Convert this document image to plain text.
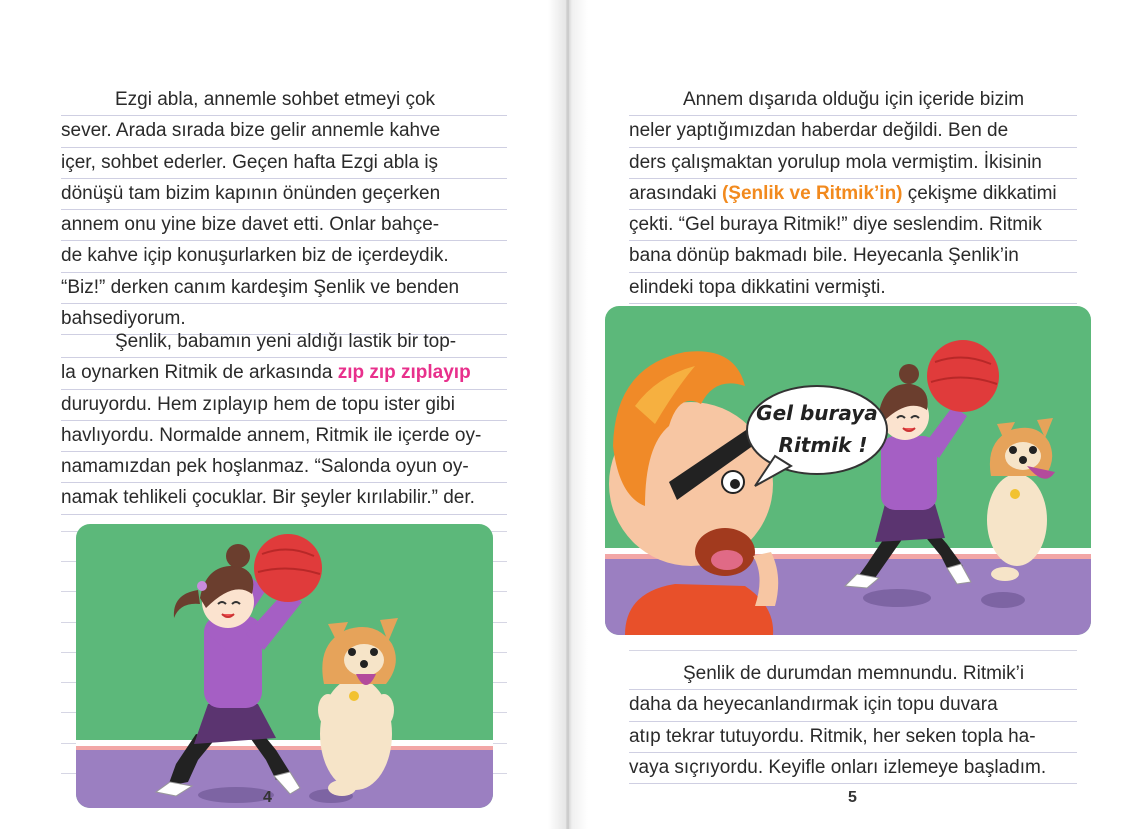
Ezgi abla, annemle sohbet etmeyi çok
sever. Arada sırada bize gelir annemle kahve
içer, sohbet ederler. Geçen hafta Ezgi abla iş
dönüşü tam bizim kapının önünden geçerken
annem onu yine bize davet etti. Onlar bahçe-
de kahve içip konuşurlarken biz de içerdeydik.
“Biz!” derken canım kardeşim Şenlik ve benden
bahsediyorum.
Şenlik, babamın yeni aldığı lastik bir top-
la oynarken Ritmik de arkasında zıp zıp zıplayıp
duruyordu. Hem zıplayıp hem de topu ister gibi
havlıyordu. Normalde annem, Ritmik ile içerde oy-
namamızdan pek hoşlanmaz. “Salonda oyun oy-
namak tehlikeli çocuklar. Bir şeyler kırılabilir.” der.
4
Annem dışarıda olduğu için içeride bizim
neler yaptığımızdan haberdar değildi. Ben de
ders çalışmaktan yorulup mola vermiştim. İkisinin
arasındaki (Şenlik ve Ritmik’in) çekişme dikkatimi
çekti. “Gel buraya Ritmik!” diye seslendim. Ritmik
bana dönüp bakmadı bile. Heyecanla Şenlik’in
elindeki topa dikkatini vermişti.
Gel buraya
Ritmik !
Şenlik de durumdan memnundu. Ritmik’i
daha da heyecanlandırmak için topu duvara
atıp tekrar tutuyordu. Ritmik, her seken topla ha-
vaya sıçrıyordu. Keyifle onları izlemeye başladım.
5
